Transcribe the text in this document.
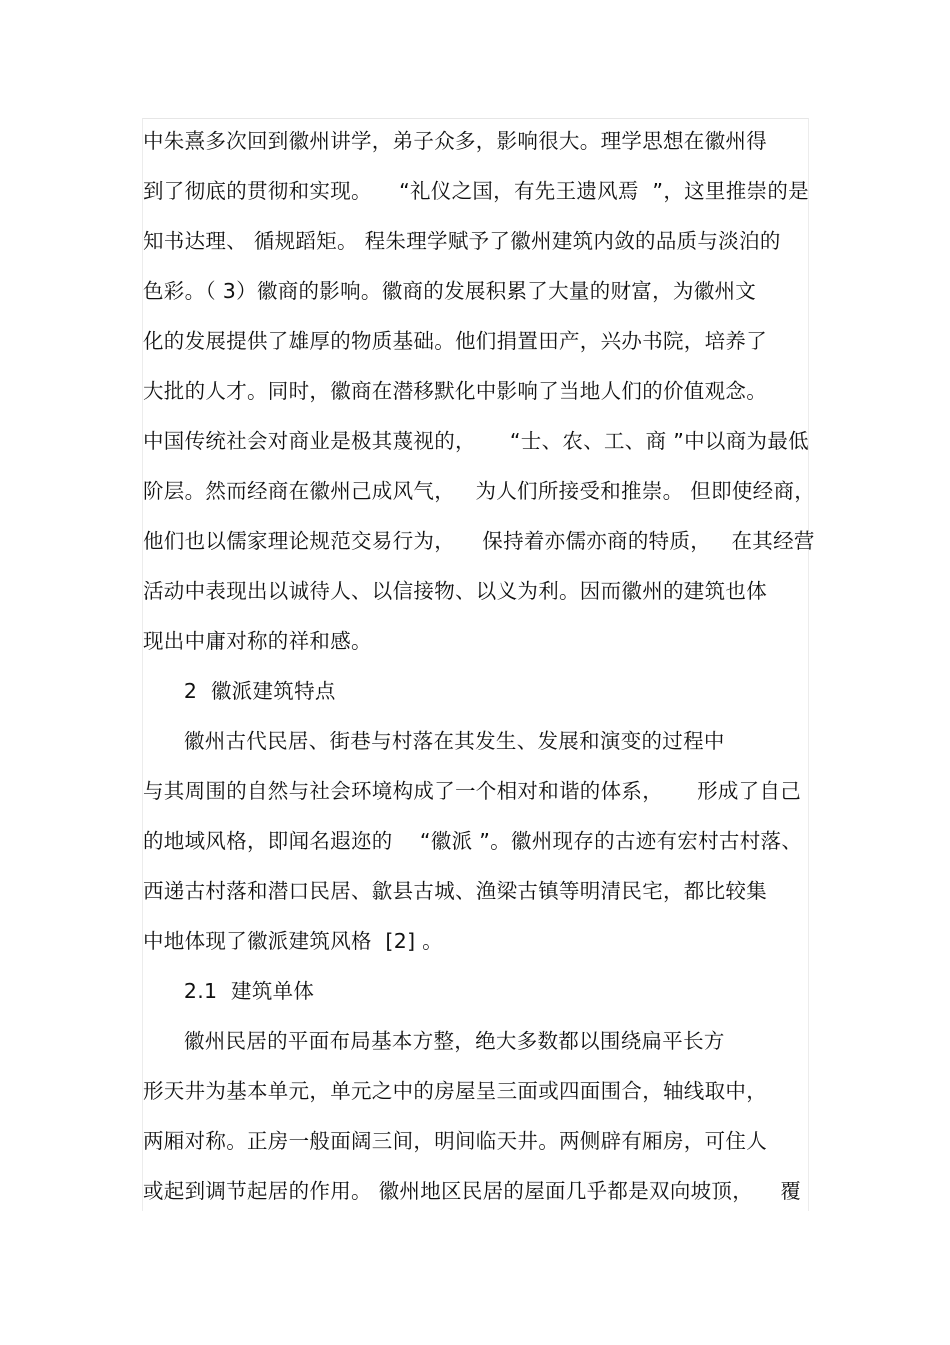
中朱熹多次回到徽州讲学，弟子众多，影响很大。理学思想在徽州得
到了彻底的贯彻和实现。    “礼仪之国，有先王遗风焉  ”，这里推崇的是
知书达理、 循规蹈矩。 程朱理学赋予了徽州建筑内敛的品质与淡泊的
色彩。（ 3）徽商的影响。徽商的发展积累了大量的财富，为徽州文
化的发展提供了雄厚的物质基础。他们捐置田产，兴办书院，培养了
大批的人才。同时，徽商在潜移默化中影响了当地人们的价值观念。
中国传统社会对商业是极其蔑视的，     “士、农、工、商 ”中以商为最低
阶层。然而经商在徽州己成风气，   为人们所接受和推崇。 但即使经商，
他们也以儒家理论规范交易行为，    保持着亦儒亦商的特质，   在其经营
活动中表现出以诚待人、以信接物、以义为利。因而徽州的建筑也体
现出中庸对称的祥和感。
2  徽派建筑特点
徽州古代民居、街巷与村落在其发生、发展和演变的过程中
与其周围的自然与社会环境构成了一个相对和谐的体系，     形成了自己
的地域风格，即闻名遐迩的    “徽派 ”。徽州现存的古迹有宏村古村落、
西递古村落和潜口民居、歙县古城、渔梁古镇等明清民宅，都比较集
中地体现了徽派建筑风格  [2] 。
2.1  建筑单体
徽州民居的平面布局基本方整，绝大多数都以围绕扁平长方
形天井为基本单元，单元之中的房屋呈三面或四面围合，轴线取中，
两厢对称。正房一般面阔三间，明间临天井。两侧辟有厢房，可住人
或起到调节起居的作用。 徽州地区民居的屋面几乎都是双向坡顶，    覆
